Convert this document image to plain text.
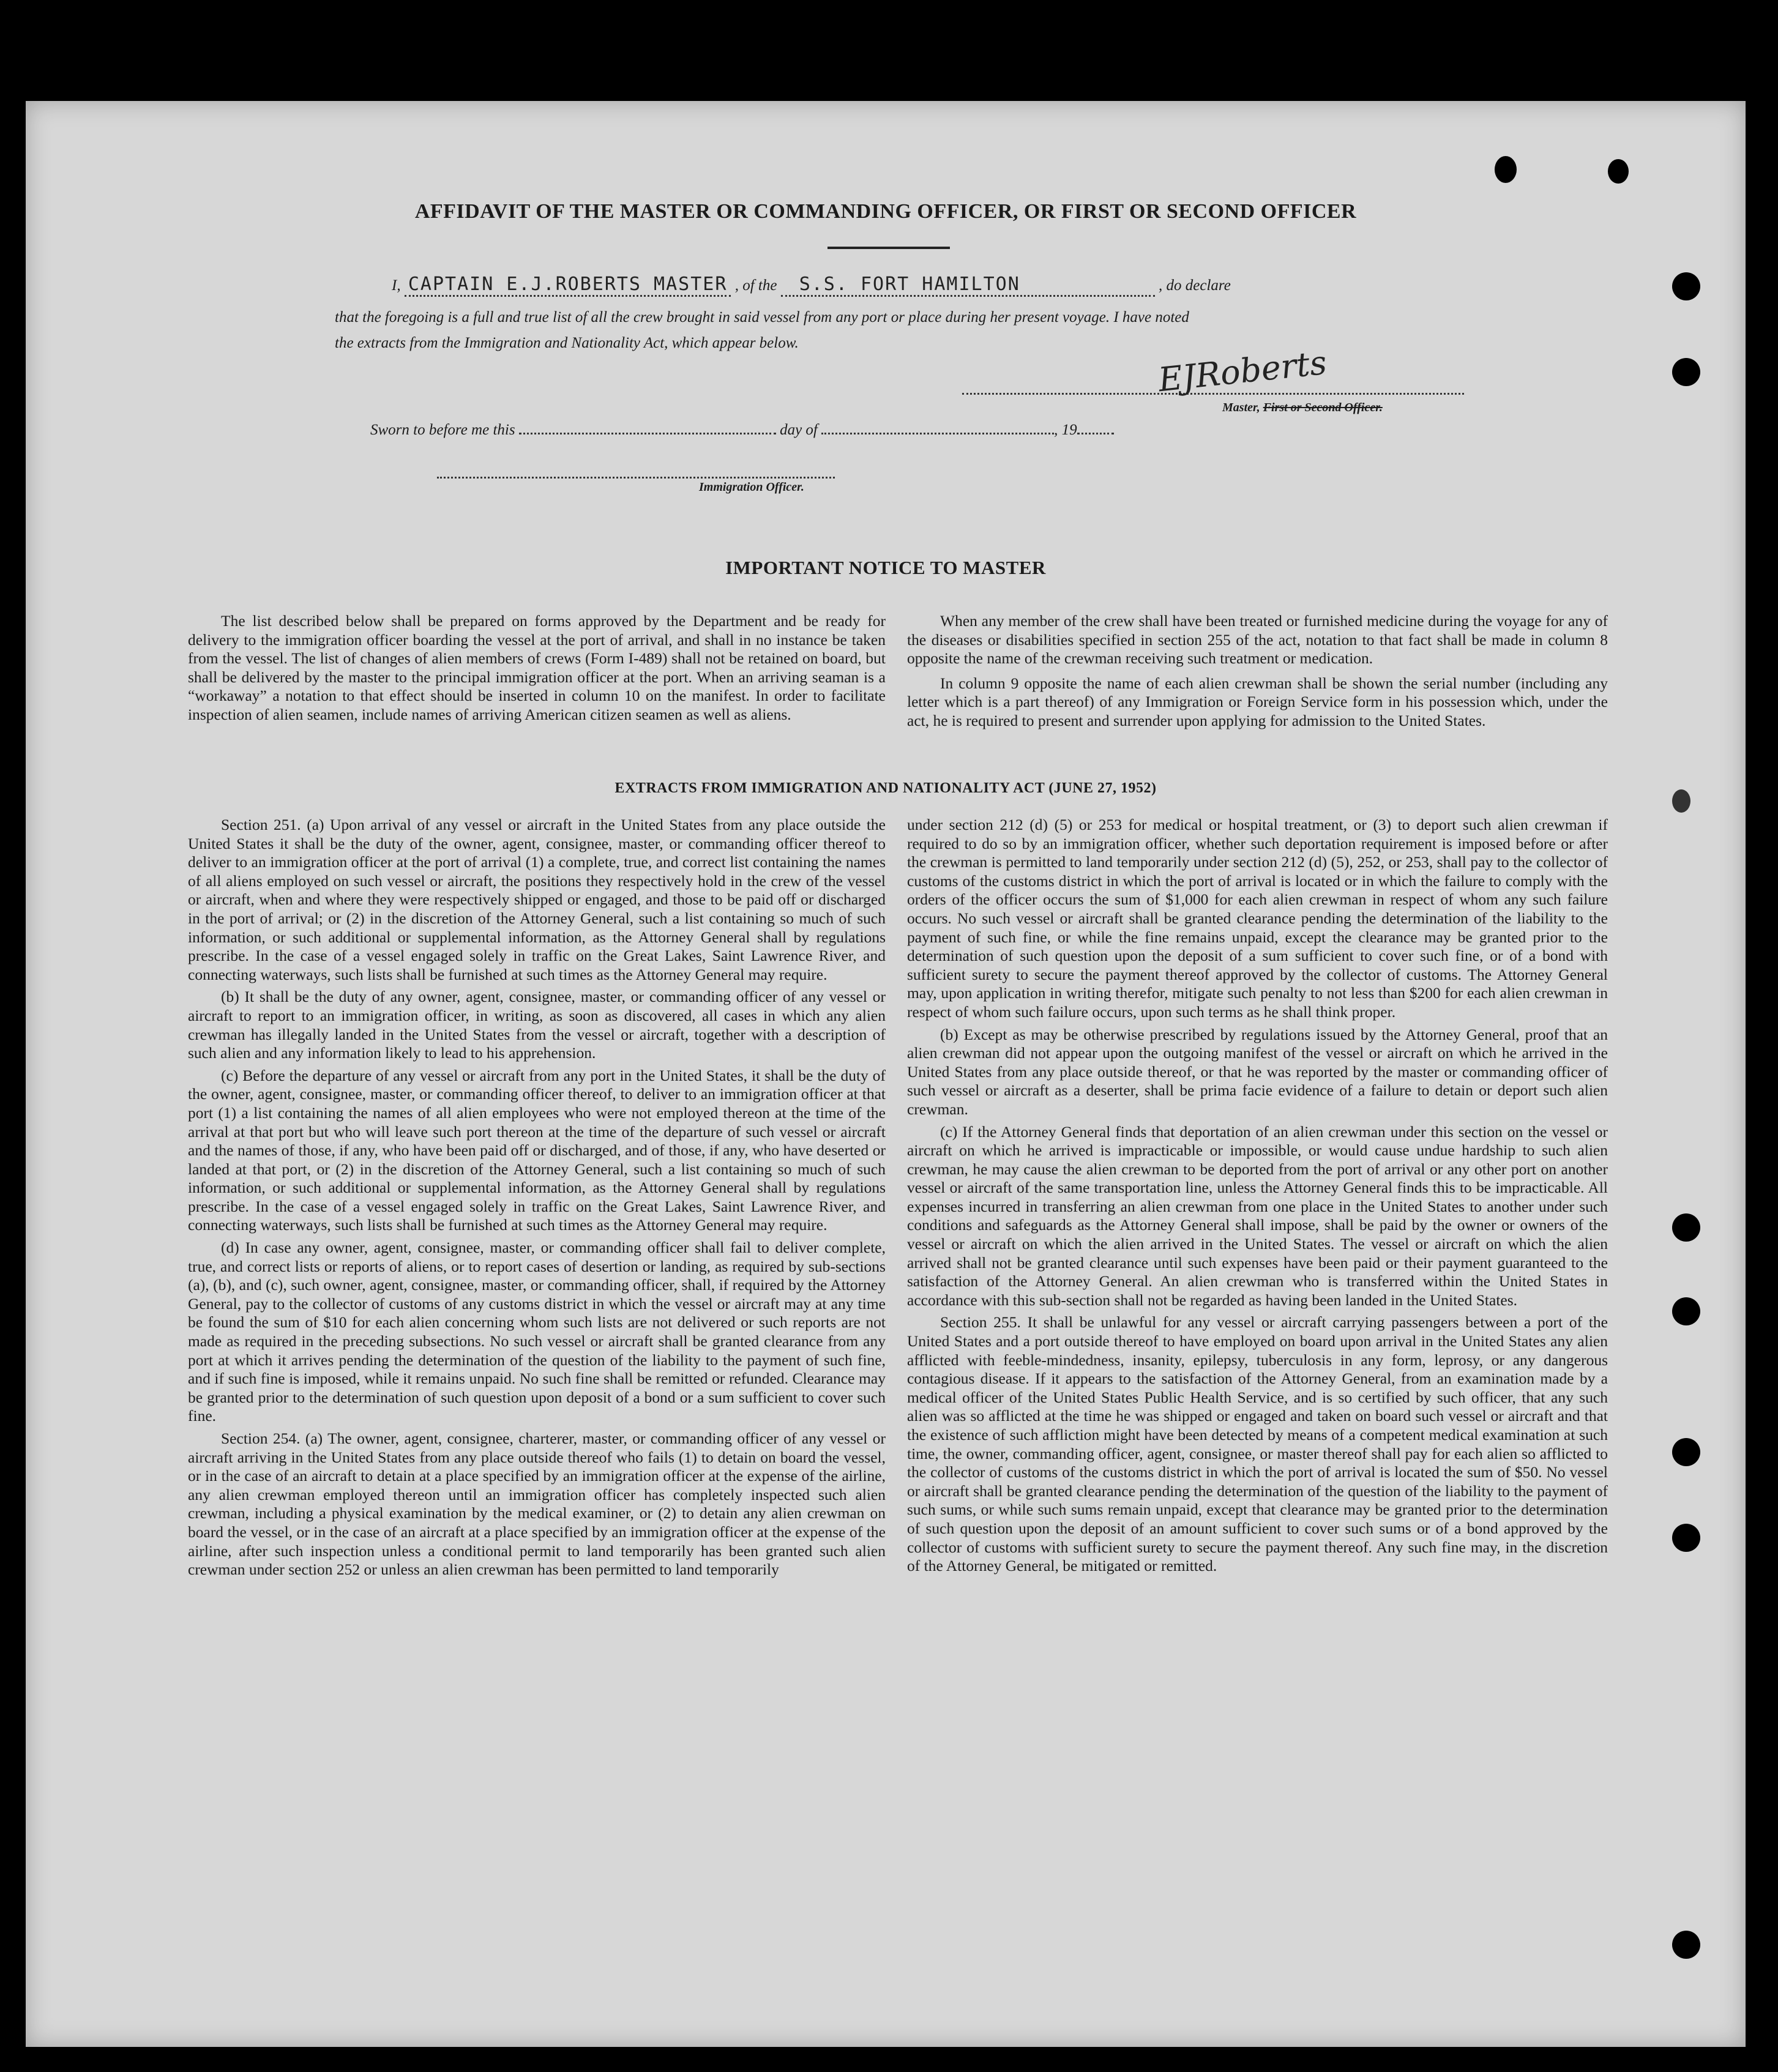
AFFIDAVIT OF THE MASTER OR COMMANDING OFFICER, OR FIRST OR SECOND OFFICER
I, CAPTAIN E.J.ROBERTS MASTER , of the S.S. FORT HAMILTON	, do declare
that the foregoing is a full and true list of all the crew brought in said vessel from any port or place during her present voyage. I have noted
the extracts from the Immigration and Nationality Act, which appear below.
EJRoberts
Master, First or Second Officer.
Sworn to before me this	day of	, 19
Immigration Officer.
IMPORTANT NOTICE TO MASTER

The list described below shall be prepared on forms approved by the Department and be ready for delivery to the immigration officer boarding the vessel at the port of arrival, and shall in no instance be taken from the vessel. The list of changes of alien members of crews (Form I-489) shall not be retained on board, but shall be delivered by the master to the principal immigration officer at the port. When an arriving seaman is a “workaway” a notation to that effect should be inserted in column 10 on the manifest. In order to facilitate inspection of alien seamen, include names of arriving American citizen seamen as well as aliens.

When any member of the crew shall have been treated or furnished medicine during the voyage for any of the diseases or disabilities specified in section 255 of the act, notation to that fact shall be made in column 8 opposite the name of the crewman receiving such treatment or medication.

In column 9 opposite the name of each alien crewman shall be shown the serial number (including any letter which is a part thereof) of any Immigration or Foreign Service form in his possession which, under the act, he is required to present and surrender upon applying for admission to the United States.

EXTRACTS FROM IMMIGRATION AND NATIONALITY ACT (JUNE 27, 1952)

Section 251. (a) Upon arrival of any vessel or aircraft in the United States from any place outside the United States it shall be the duty of the owner, agent, consignee, master, or commanding officer thereof to deliver to an immigration officer at the port of arrival (1) a complete, true, and correct list containing the names of all aliens employed on such vessel or aircraft, the positions they respectively hold in the crew of the vessel or aircraft, when and where they were respectively shipped or engaged, and those to be paid off or discharged in the port of arrival; or (2) in the discretion of the Attorney General, such a list containing so much of such information, or such additional or supplemental information, as the Attorney General shall by regulations prescribe. In the case of a vessel engaged solely in traffic on the Great Lakes, Saint Lawrence River, and connecting waterways, such lists shall be furnished at such times as the Attorney General may require.

(b) It shall be the duty of any owner, agent, consignee, master, or commanding officer of any vessel or aircraft to report to an immigration officer, in writing, as soon as discovered, all cases in which any alien crewman has illegally landed in the United States from the vessel or aircraft, together with a description of such alien and any information likely to lead to his apprehension.

(c) Before the departure of any vessel or aircraft from any port in the United States, it shall be the duty of the owner, agent, consignee, master, or commanding officer thereof, to deliver to an immigration officer at that port (1) a list containing the names of all alien employees who were not employed thereon at the time of the arrival at that port but who will leave such port thereon at the time of the departure of such vessel or aircraft and the names of those, if any, who have been paid off or discharged, and of those, if any, who have deserted or landed at that port, or (2) in the discretion of the Attorney General, such a list containing so much of such information, or such additional or supplemental information, as the Attorney General shall by regulations prescribe. In the case of a vessel engaged solely in traffic on the Great Lakes, Saint Lawrence River, and connecting waterways, such lists shall be furnished at such times as the Attorney General may require.

(d) In case any owner, agent, consignee, master, or commanding officer shall fail to deliver complete, true, and correct lists or reports of aliens, or to report cases of desertion or landing, as required by sub-sections (a), (b), and (c), such owner, agent, consignee, master, or commanding officer, shall, if required by the Attorney General, pay to the collector of customs of any customs district in which the vessel or aircraft may at any time be found the sum of $10 for each alien concerning whom such lists are not delivered or such reports are not made as required in the preceding subsections. No such vessel or aircraft shall be granted clearance from any port at which it arrives pending the determination of the question of the liability to the payment of such fine, and if such fine is imposed, while it remains unpaid. No such fine shall be remitted or refunded. Clearance may be granted prior to the determination of such question upon deposit of a bond or a sum sufficient to cover such fine.

Section 254. (a) The owner, agent, consignee, charterer, master, or commanding officer of any vessel or aircraft arriving in the United States from any place outside thereof who fails (1) to detain on board the vessel, or in the case of an aircraft to detain at a place specified by an immigration officer at the expense of the airline, any alien crewman employed thereon until an immigration officer has completely inspected such alien crewman, including a physical examination by the medical examiner, or (2) to detain any alien crewman on board the vessel, or in the case of an aircraft at a place specified by an immigration officer at the expense of the airline, after such inspection unless a conditional permit to land temporarily has been granted such alien crewman under section 252 or unless an alien crewman has been permitted to land temporarily

under section 212 (d) (5) or 253 for medical or hospital treatment, or (3) to deport such alien crewman if required to do so by an immigration officer, whether such deportation requirement is imposed before or after the crewman is permitted to land temporarily under section 212 (d) (5), 252, or 253, shall pay to the collector of customs of the customs district in which the port of arrival is located or in which the failure to comply with the orders of the officer occurs the sum of $1,000 for each alien crewman in respect of whom any such failure occurs. No such vessel or aircraft shall be granted clearance pending the determination of the liability to the payment of such fine, or while the fine remains unpaid, except the clearance may be granted prior to the determination of such question upon the deposit of a sum sufficient to cover such fine, or of a bond with sufficient surety to secure the payment thereof approved by the collector of customs. The Attorney General may, upon application in writing therefor, mitigate such penalty to not less than $200 for each alien crewman in respect of whom such failure occurs, upon such terms as he shall think proper.

(b) Except as may be otherwise prescribed by regulations issued by the Attorney General, proof that an alien crewman did not appear upon the outgoing manifest of the vessel or aircraft on which he arrived in the United States from any place outside thereof, or that he was reported by the master or commanding officer of such vessel or aircraft as a deserter, shall be prima facie evidence of a failure to detain or deport such alien crewman.

(c) If the Attorney General finds that deportation of an alien crewman under this section on the vessel or aircraft on which he arrived is impracticable or impossible, or would cause undue hardship to such alien crewman, he may cause the alien crewman to be deported from the port of arrival or any other port on another vessel or aircraft of the same transportation line, unless the Attorney General finds this to be impracticable. All expenses incurred in transferring an alien crewman from one place in the United States to another under such conditions and safeguards as the Attorney General shall impose, shall be paid by the owner or owners of the vessel or aircraft on which the alien arrived in the United States. The vessel or aircraft on which the alien arrived shall not be granted clearance until such expenses have been paid or their payment guaranteed to the satisfaction of the Attorney General. An alien crewman who is transferred within the United States in accordance with this sub-section shall not be regarded as having been landed in the United States.

Section 255. It shall be unlawful for any vessel or aircraft carrying passengers between a port of the United States and a port outside thereof to have employed on board upon arrival in the United States any alien afflicted with feeble-mindedness, insanity, epilepsy, tuberculosis in any form, leprosy, or any dangerous contagious disease. If it appears to the satisfaction of the Attorney General, from an examination made by a medical officer of the United States Public Health Service, and is so certified by such officer, that any such alien was so afflicted at the time he was shipped or engaged and taken on board such vessel or aircraft and that the existence of such affliction might have been detected by means of a competent medical examination at such time, the owner, commanding officer, agent, consignee, or master thereof shall pay for each alien so afflicted to the collector of customs of the customs district in which the port of arrival is located the sum of $50. No vessel or aircraft shall be granted clearance pending the determination of the question of the liability to the payment of such sums, or while such sums remain unpaid, except that clearance may be granted prior to the determination of such question upon the deposit of an amount sufficient to cover such sums or of a bond approved by the collector of customs with sufficient surety to secure the payment thereof. Any such fine may, in the discretion of the Attorney General, be mitigated or remitted.
